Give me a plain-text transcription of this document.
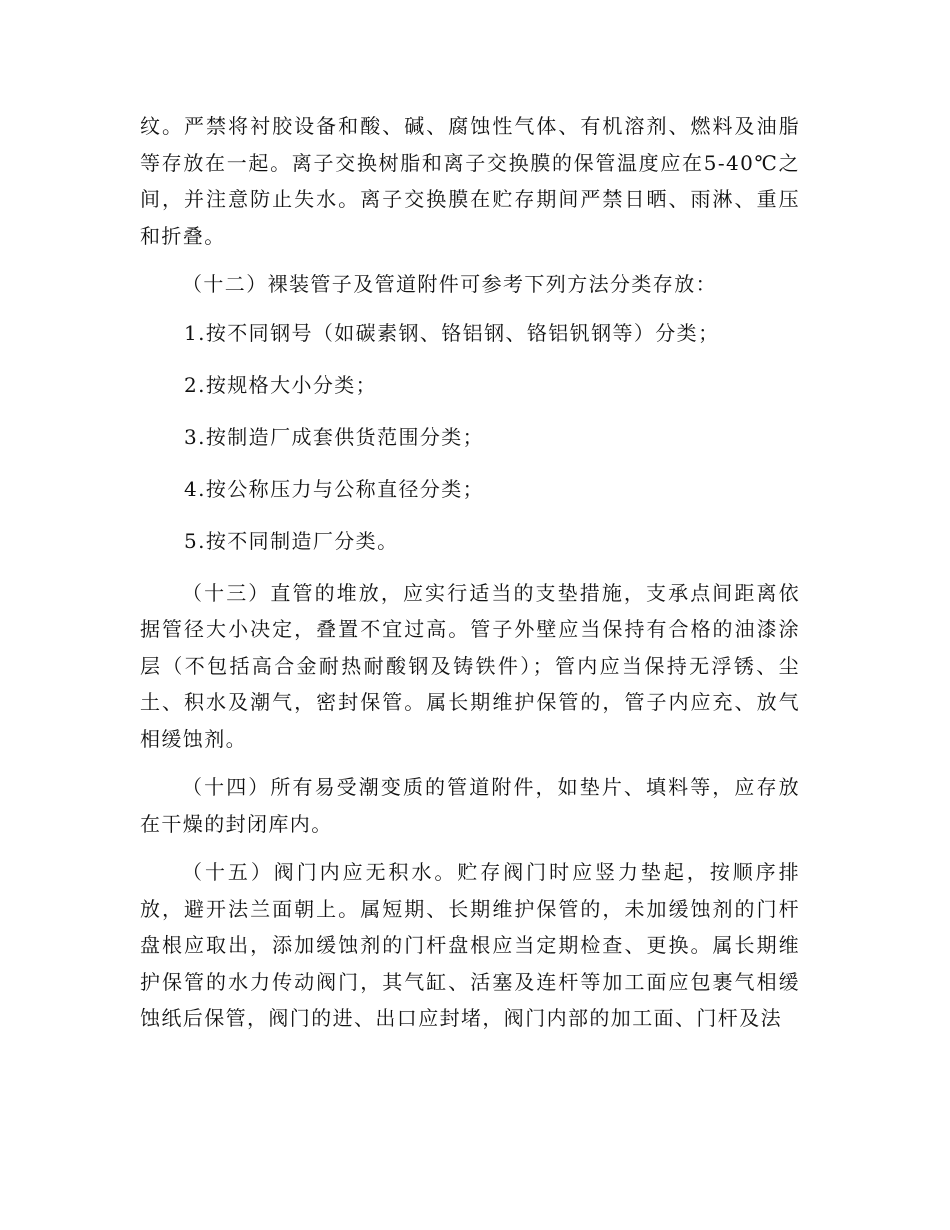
纹。严禁将衬胶设备和酸、碱、腐蚀性气体、有机溶剂、燃料及油脂等存放在一起。离子交换树脂和离子交换膜的保管温度应在5-40℃之间，并注意防止失水。离子交换膜在贮存期间严禁日晒、雨淋、重压和折叠。

（十二）裸装管子及管道附件可参考下列方法分类存放：

1.按不同钢号（如碳素钢、铬铝钢、铬铝钒钢等）分类；

2.按规格大小分类；

3.按制造厂成套供货范围分类；

4.按公称压力与公称直径分类；

5.按不同制造厂分类。

（十三）直管的堆放，应实行适当的支垫措施，支承点间距离依据管径大小决定，叠置不宜过高。管子外壁应当保持有合格的油漆涂层（不包括高合金耐热耐酸钢及铸铁件）；管内应当保持无浮锈、尘土、积水及潮气，密封保管。属长期维护保管的，管子内应充、放气相缓蚀剂。

（十四）所有易受潮变质的管道附件，如垫片、填料等，应存放在干燥的封闭库内。

（十五）阀门内应无积水。贮存阀门时应竖力垫起，按顺序排放，避开法兰面朝上。属短期、长期维护保管的，未加缓蚀剂的门杆盘根应取出，添加缓蚀剂的门杆盘根应当定期检查、更换。属长期维护保管的水力传动阀门，其气缸、活塞及连杆等加工面应包裹气相缓蚀纸后保管，阀门的进、出口应封堵，阀门内部的加工面、门杆及法
